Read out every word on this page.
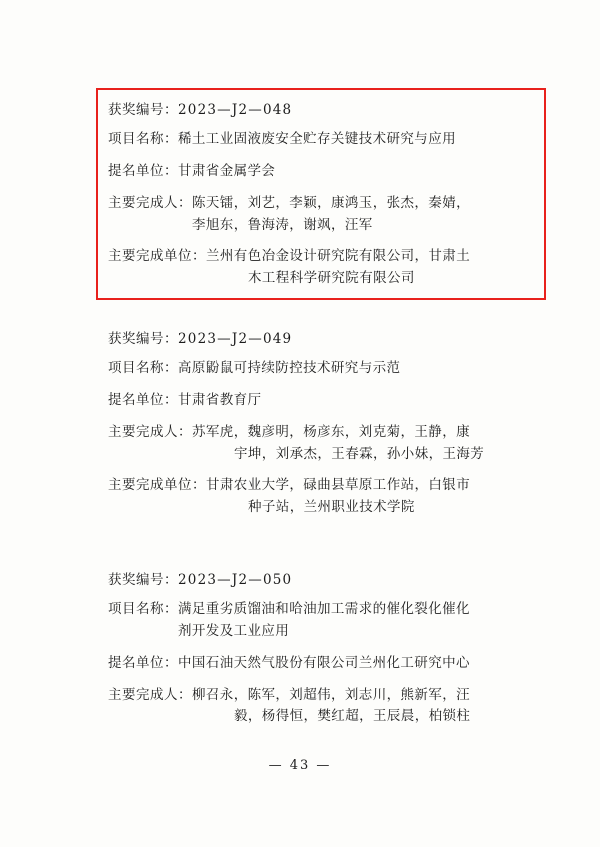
获奖编号：2023—J2—048
项目名称： 稀土工业固液废安全贮存关键技术研究与应用
提名单位： 甘肃省金属学会
主要完成人： 陈天镭，刘艺，李颖，康鸿玉，张杰，秦婧，
李旭东，鲁海涛，谢飒，汪军
主要完成单位： 兰州有色冶金设计研究院有限公司，甘肃土
木工程科学研究院有限公司
获奖编号：2023—J2—049
项目名称： 高原鼢鼠可持续防控技术研究与示范
提名单位： 甘肃省教育厅
主要完成人： 苏军虎，魏彦明，杨彦东，刘克菊，王静，康
宇坤，刘承杰，王春霖，孙小妹，王海芳
主要完成单位： 甘肃农业大学，碌曲县草原工作站，白银市
种子站，兰州职业技术学院
获奖编号：2023—J2—050
项目名称： 满足重劣质馏油和哈油加工需求的催化裂化催化
剂开发及工业应用
提名单位： 中国石油天然气股份有限公司兰州化工研究中心
主要完成人： 柳召永，陈军，刘超伟，刘志川，熊新军，汪
毅，杨得恒，樊红超，王辰晨，柏锁柱
— 43 —
